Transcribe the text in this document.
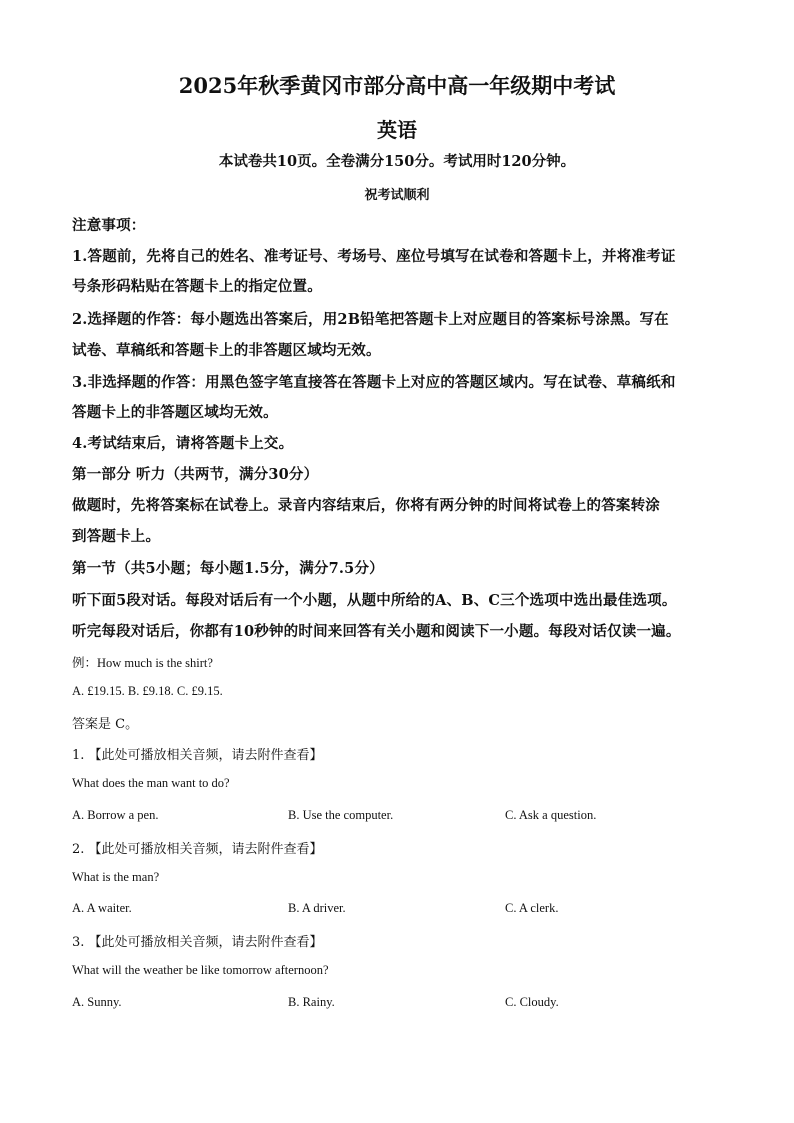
2025年秋季黄冈市部分高中高一年级期中考试
英语
本试卷共10页。全卷满分150分。考试用时120分钟。
祝考试顺利
注意事项：
1.答题前，先将自己的姓名、准考证号、考场号、座位号填写在试卷和答题卡上，并将准考证
号条形码粘贴在答题卡上的指定位置。
2.选择题的作答：每小题选出答案后，用2B铅笔把答题卡上对应题目的答案标号涂黑。写在
试卷、草稿纸和答题卡上的非答题区域均无效。
3.非选择题的作答：用黑色签字笔直接答在答题卡上对应的答题区域内。写在试卷、草稿纸和
答题卡上的非答题区域均无效。
4.考试结束后，请将答题卡上交。
第一部分 听力（共两节，满分30分）
做题时，先将答案标在试卷上。录音内容结束后，你将有两分钟的时间将试卷上的答案转涂
到答题卡上。
第一节（共5小题；每小题1.5分，满分7.5分）
听下面5段对话。每段对话后有一个小题，从题中所给的A、B、C三个选项中选出最佳选项。
听完每段对话后，你都有10秒钟的时间来回答有关小题和阅读下一小题。每段对话仅读一遍。
例：How much is the shirt?
A. £19.15. B. £9.18. C. £9.15.
答案是 C。
1. 【此处可播放相关音频，请去附件查看】
What does the man want to do?
A. Borrow a pen.	B. Use the computer.	C. Ask a question.
2. 【此处可播放相关音频，请去附件查看】
What is the man?
A. A waiter.	B. A driver.	C. A clerk.
3. 【此处可播放相关音频，请去附件查看】
What will the weather be like tomorrow afternoon?
A. Sunny.	B. Rainy.	C. Cloudy.
